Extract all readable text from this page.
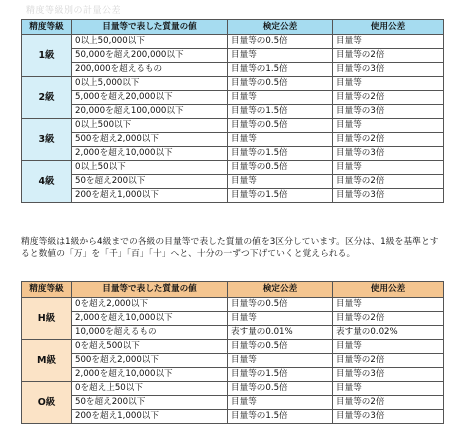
精度等級別の計量公差
精度等級	目量等で表した質量の値	検定公差	使用公差
1級	0以上50,000以下	目量等の0.5倍	目量等
	50,000を超え200,000以下	目量等	目量等の2倍
	200,000を超えるもの	目量等の1.5倍	目量等の3倍
2級	0以上5,000以下	目量等の0.5倍	目量等
	5,000を超え20,000以下	目量等	目量等の2倍
	20,000を超え100,000以下	目量等の1.5倍	目量等の3倍
3級	0以上500以下	目量等の0.5倍	目量等
	500を超え2,000以下	目量等	目量等の2倍
	2,000を超え10,000以下	目量等の1.5倍	目量等の3倍
4級	0以上50以下	目量等の0.5倍	目量等
	50を超え200以下	目量等	目量等の2倍
	200を超え1,000以下	目量等の1.5倍	目量等の3倍

精度等級は1級から4級までの各級の目量等で表した質量の値を3区分しています。区分は、1級を基準とすると数値の「万」を「千」「百」「十」へと、十分の一ずつ下げていくと覚えられる。

精度等級	目量等で表した質量の値	検定公差	使用公差
H級	0を超え2,000以下	目量等の0.5倍	目量等
	2,000を超え10,000以下	目量等	目量等の2倍
	10,000を超えるもの	表す量の0.01%	表す量の0.02%
M級	0を超え500以下	目量等の0.5倍	目量等
	500を超え2,000以下	目量等	目量等の2倍
	2,000を超え10,000以下	目量等の1.5倍	目量等の3倍
O級	0を超え上50以下	目量等の0.5倍	目量等
	50を超え200以下	目量等	目量等の2倍
	200を超え1,000以下	目量等の1.5倍	目量等の3倍
